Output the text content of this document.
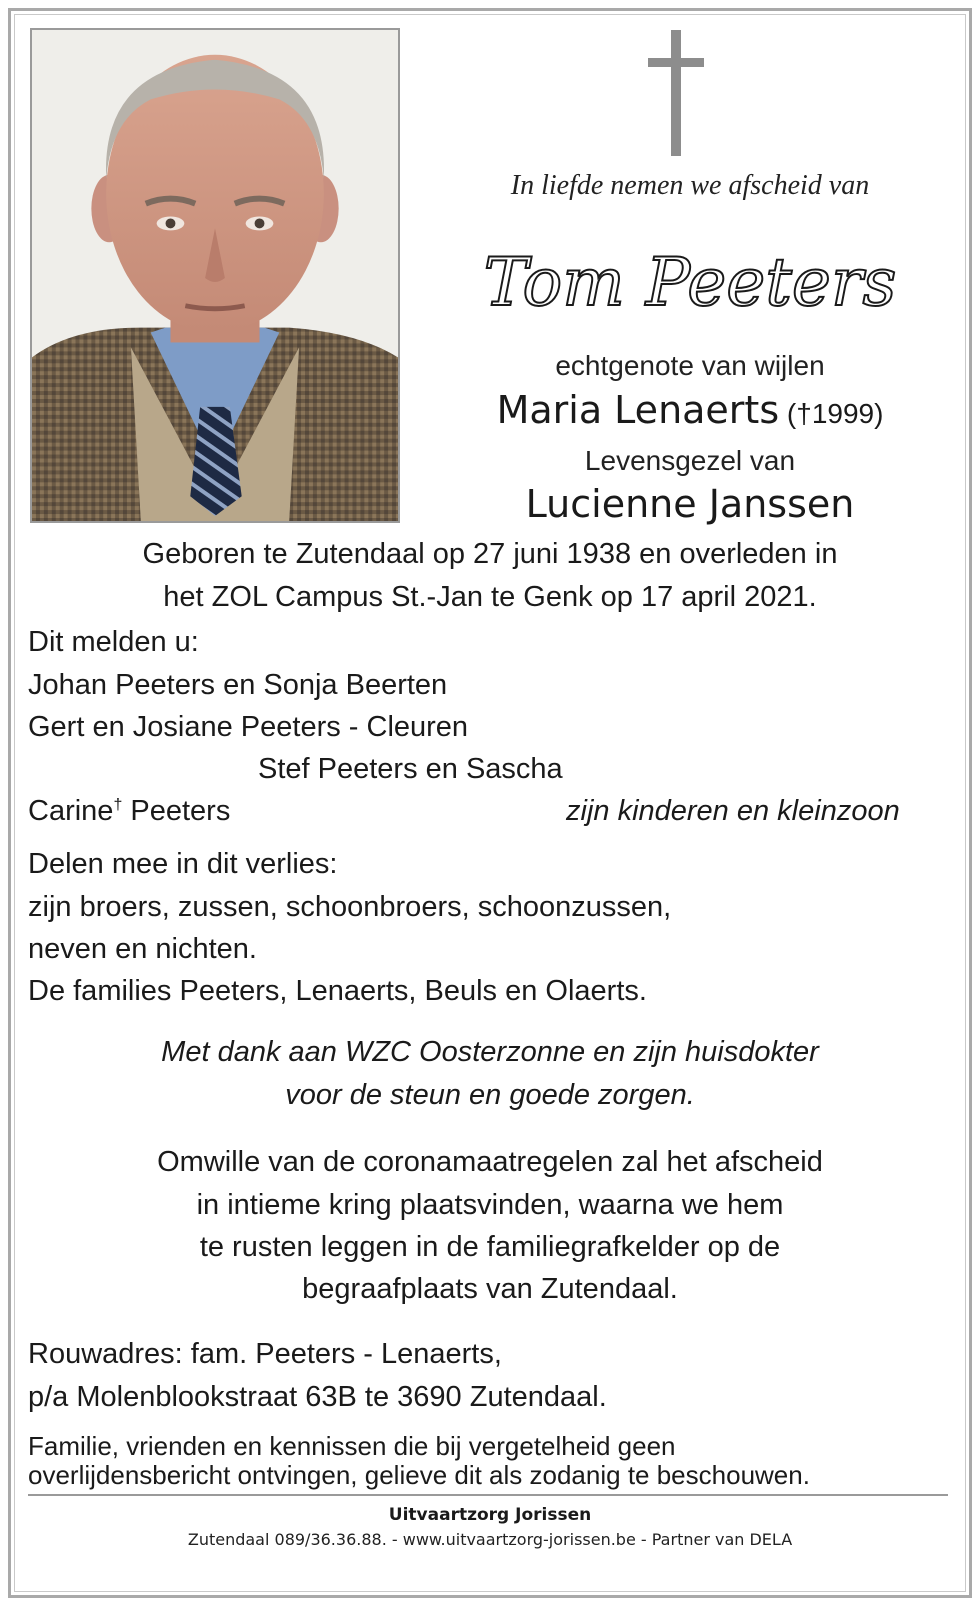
In liefde nemen we afscheid van
Tom Peeters
echtgenote van wijlen
Maria Lenaerts (†1999)
Levensgezel van
Lucienne Janssen
Geboren te Zutendaal op 27 juni 1938 en overleden in
het ZOL Campus St.-Jan te Genk op 17 april 2021.
Dit melden u:
Johan Peeters en Sonja Beerten
Gert en Josiane Peeters - Cleuren
Stef Peeters en Sascha
Carine† Peeters	zijn kinderen en kleinzoon
Delen mee in dit verlies:
zijn broers, zussen, schoonbroers, schoonzussen,
neven en nichten.
De families Peeters, Lenaerts, Beuls en Olaerts.
Met dank aan WZC Oosterzonne en zijn huisdokter
voor de steun en goede zorgen.
Omwille van de coronamaatregelen zal het afscheid
in intieme kring plaatsvinden, waarna we hem
te rusten leggen in de familiegrafkelder op de
begraafplaats van Zutendaal.
Rouwadres: fam. Peeters - Lenaerts,
p/a Molenblookstraat 63B te 3690 Zutendaal.
Familie, vrienden en kennissen die bij vergetelheid geen
overlijdensbericht ontvingen, gelieve dit als zodanig te beschouwen.
Uitvaartzorg Jorissen
Zutendaal 089/36.36.88. - www.uitvaartzorg-jorissen.be - Partner van DELA
